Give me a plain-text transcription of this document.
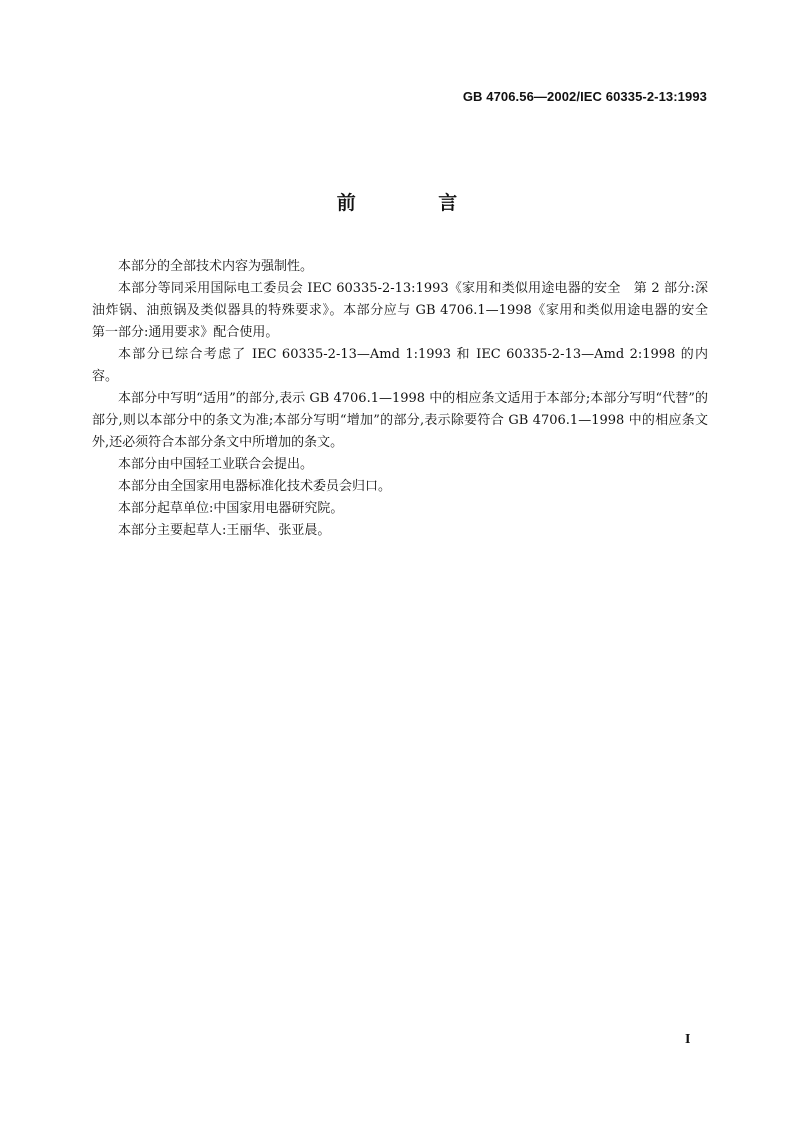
GB 4706.56—2002/IEC 60335-2-13:1993
前 言

本部分的全部技术内容为强制性。

本部分等同采用国际电工委员会 IEC 60335-2-13:1993《家用和类似用途电器的安全　第 2 部分:深油炸锅、油煎锅及类似器具的特殊要求》。本部分应与 GB 4706.1—1998《家用和类似用途电器的安全　第一部分:通用要求》配合使用。

本部分已综合考虑了 IEC 60335-2-13—Amd 1:1993 和 IEC 60335-2-13—Amd 2:1998 的内容。

本部分中写明“适用”的部分,表示 GB 4706.1—1998 中的相应条文适用于本部分;本部分写明“代替”的部分,则以本部分中的条文为准;本部分写明“增加”的部分,表示除要符合 GB 4706.1—1998 中的相应条文外,还必须符合本部分条文中所增加的条文。

本部分由中国轻工业联合会提出。

本部分由全国家用电器标准化技术委员会归口。

本部分起草单位:中国家用电器研究院。

本部分主要起草人:王丽华、张亚晨。

I
